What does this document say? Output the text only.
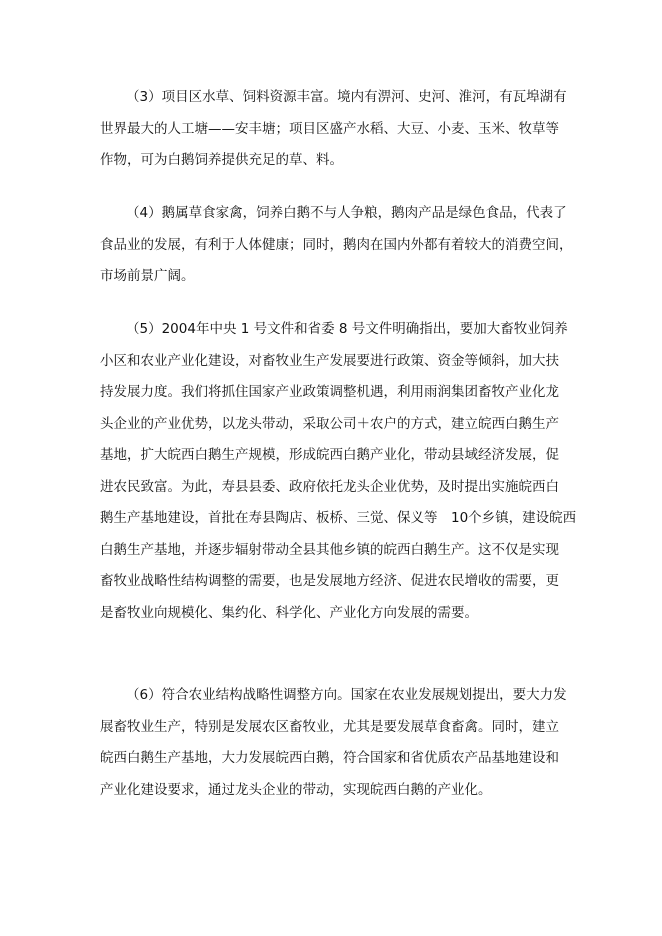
（3）项目区水草、饲料资源丰富。境内有淠河、史河、淮河，有瓦埠湖有
世界最大的人工塘——安丰塘；项目区盛产水稻、大豆、小麦、玉米、牧草等
作物，可为白鹅饲养提供充足的草、料。

（4）鹅属草食家禽，饲养白鹅不与人争粮，鹅肉产品是绿色食品，代表了
食品业的发展，有利于人体健康；同时，鹅肉在国内外都有着较大的消费空间，
市场前景广阔。

（5）2004年中央 1 号文件和省委 8 号文件明确指出，要加大畜牧业饲养
小区和农业产业化建设，对畜牧业生产发展要进行政策、资金等倾斜，加大扶
持发展力度。我们将抓住国家产业政策调整机遇，利用雨润集团畜牧产业化龙
头企业的产业优势，以龙头带动，采取公司＋农户的方式，建立皖西白鹅生产
基地，扩大皖西白鹅生产规模，形成皖西白鹅产业化，带动县域经济发展，促
进农民致富。为此，寿县县委、政府依托龙头企业优势，及时提出实施皖西白
鹅生产基地建设，首批在寿县陶店、板桥、三觉、保义等　10个乡镇，建设皖西
白鹅生产基地，并逐步辐射带动全县其他乡镇的皖西白鹅生产。这不仅是实现
畜牧业战略性结构调整的需要，也是发展地方经济、促进农民增收的需要，更
是畜牧业向规模化、集约化、科学化、产业化方向发展的需要。

（6）符合农业结构战略性调整方向。国家在农业发展规划提出，要大力发
展畜牧业生产，特别是发展农区畜牧业，尤其是要发展草食畜禽。同时，建立
皖西白鹅生产基地，大力发展皖西白鹅，符合国家和省优质农产品基地建设和
产业化建设要求，通过龙头企业的带动，实现皖西白鹅的产业化。
